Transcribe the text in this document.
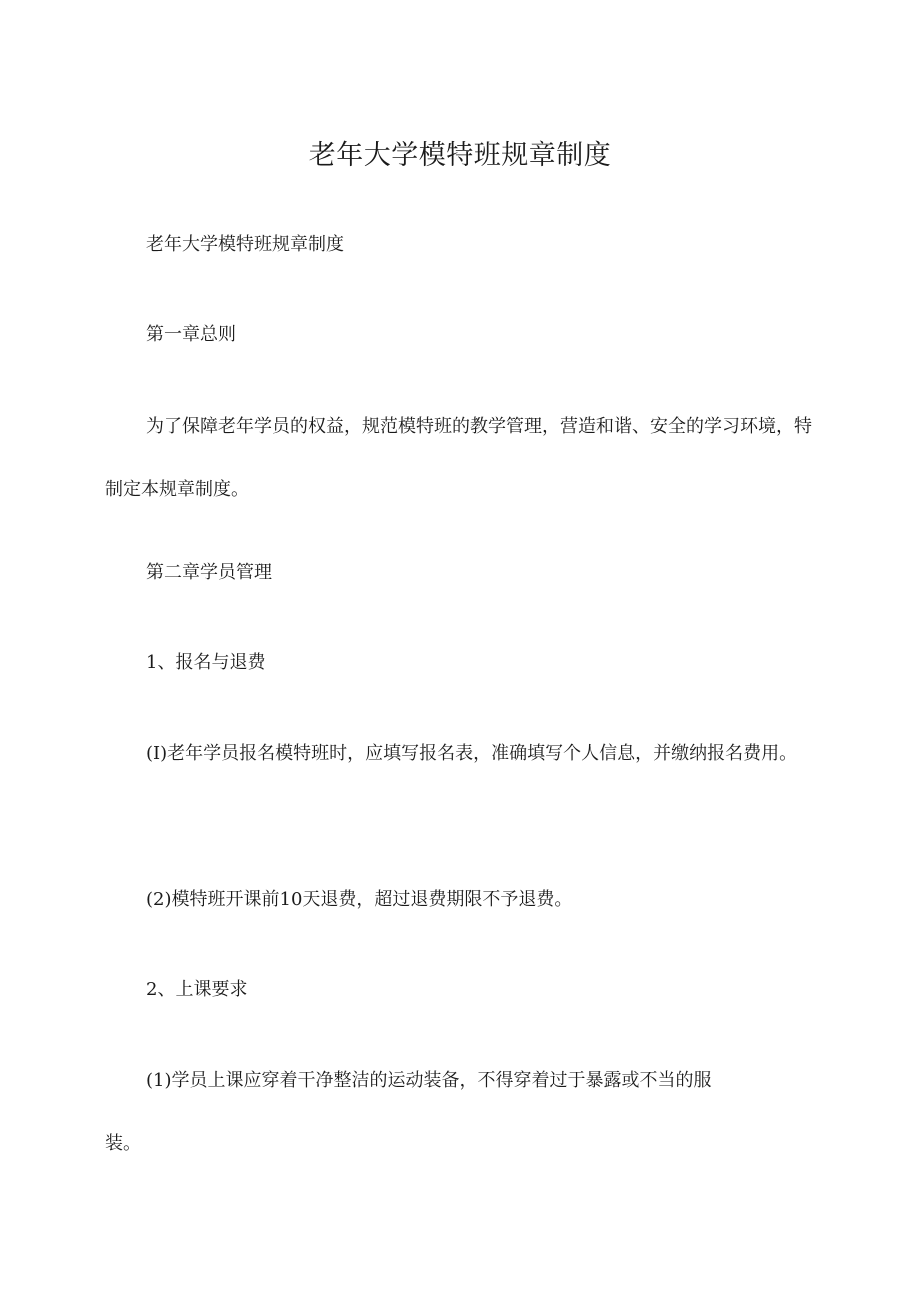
老年大学模特班规章制度

老年大学模特班规章制度

第一章总则

为了保障老年学员的权益，规范模特班的教学管理，营造和谐、安全的学习环境，特制定本规章制度。

第二章学员管理

1、报名与退费

(I)老年学员报名模特班时，应填写报名表，准确填写个人信息，并缴纳报名费用。

(2)模特班开课前10天退费，超过退费期限不予退费。

2、上课要求

(1)学员上课应穿着干净整洁的运动装备，不得穿着过于暴露或不当的服装。
